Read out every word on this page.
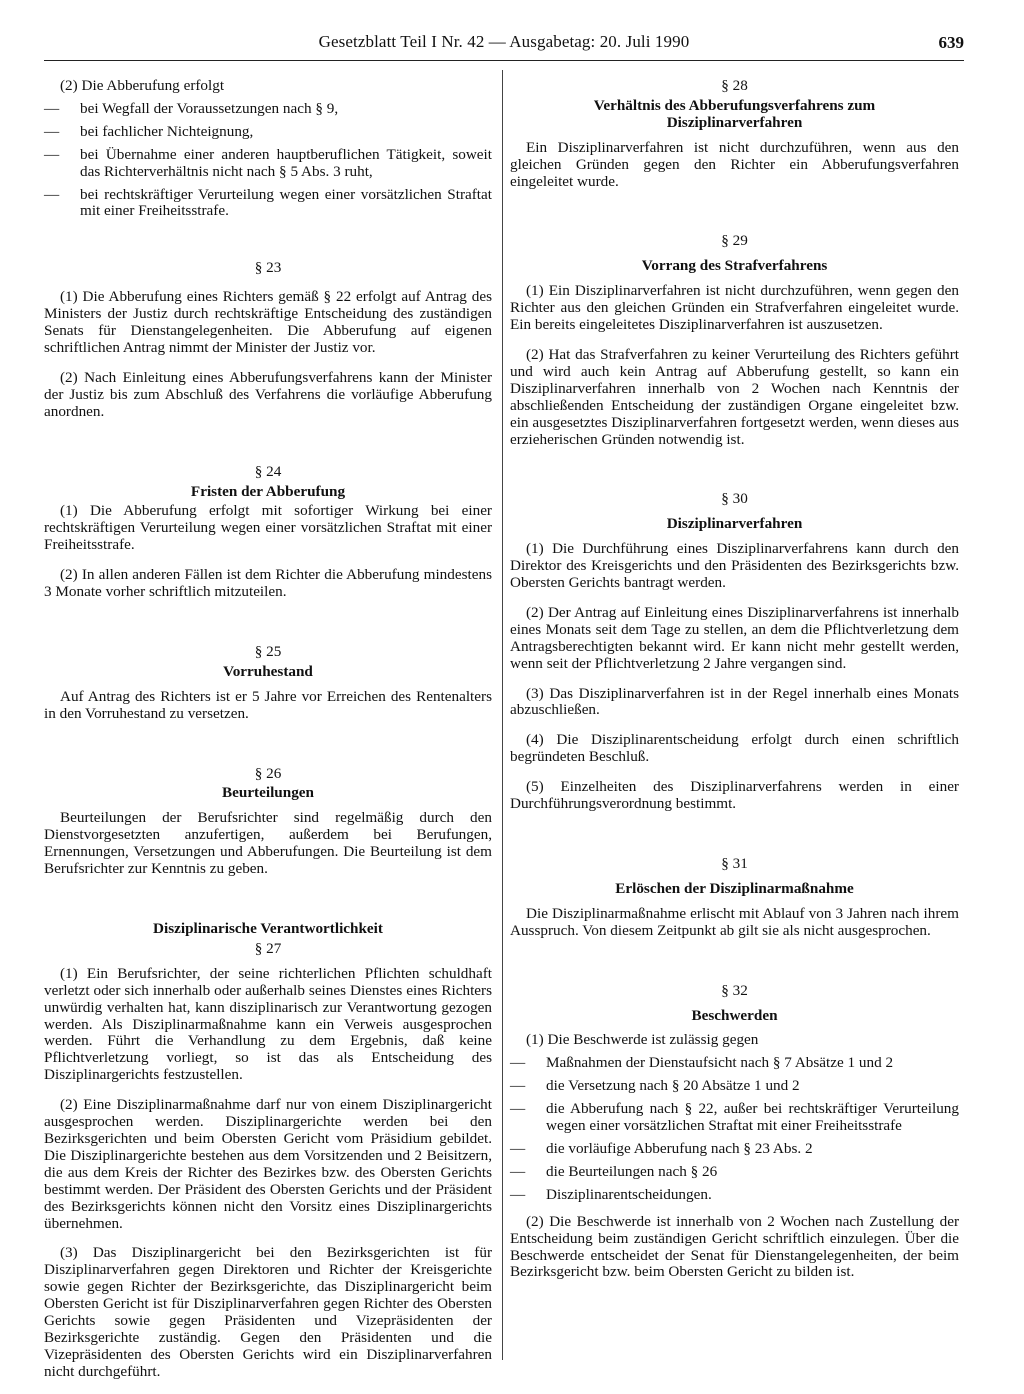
Gesetzblatt Teil I Nr. 42 — Ausgabetag: 20. Juli 1990	639

(2) Die Abberufung erfolgt

— bei Wegfall der Voraussetzungen nach § 9,
— bei fachlicher Nichteignung,
— bei Übernahme einer anderen hauptberuflichen Tätigkeit, soweit das Richterverhältnis nicht nach § 5 Abs. 3 ruht,
— bei rechtskräftiger Verurteilung wegen einer vorsätzlichen Straftat mit einer Freiheitsstrafe.
§ 23

(1) Die Abberufung eines Richters gemäß § 22 erfolgt auf Antrag des Ministers der Justiz durch rechtskräftige Entscheidung des zuständigen Senats für Dienstangelegenheiten. Die Abberufung auf eigenen schriftlichen Antrag nimmt der Minister der Justiz vor.

(2) Nach Einleitung eines Abberufungsverfahrens kann der Minister der Justiz bis zum Abschluß des Verfahrens die vorläufige Abberufung anordnen.

§ 24
Fristen der Abberufung

(1) Die Abberufung erfolgt mit sofortiger Wirkung bei einer rechtskräftigen Verurteilung wegen einer vorsätzlichen Straftat mit einer Freiheitsstrafe.

(2) In allen anderen Fällen ist dem Richter die Abberufung mindestens 3 Monate vorher schriftlich mitzuteilen.

§ 25
Vorruhestand

Auf Antrag des Richters ist er 5 Jahre vor Erreichen des Rentenalters in den Vorruhestand zu versetzen.

§ 26
Beurteilungen

Beurteilungen der Berufsrichter sind regelmäßig durch den Dienstvorgesetzten anzufertigen, außerdem bei Berufungen, Ernennungen, Versetzungen und Abberufungen. Die Beurteilung ist dem Berufsrichter zur Kenntnis zu geben.

Disziplinarische Verantwortlichkeit
§ 27

(1) Ein Berufsrichter, der seine richterlichen Pflichten schuldhaft verletzt oder sich innerhalb oder außerhalb seines Dienstes eines Richters unwürdig verhalten hat, kann disziplinarisch zur Verantwortung gezogen werden. Als Disziplinarmaßnahme kann ein Verweis ausgesprochen werden. Führt die Verhandlung zu dem Ergebnis, daß keine Pflichtverletzung vorliegt, so ist das als Entscheidung des Disziplinargerichts festzustellen.

(2) Eine Disziplinarmaßnahme darf nur von einem Disziplinargericht ausgesprochen werden. Disziplinargerichte werden bei den Bezirksgerichten und beim Obersten Gericht vom Präsidium gebildet. Die Disziplinargerichte bestehen aus dem Vorsitzenden und 2 Beisitzern, die aus dem Kreis der Richter des Bezirkes bzw. des Obersten Gerichts bestimmt werden. Der Präsident des Obersten Gerichts und der Präsident des Bezirksgerichts können nicht den Vorsitz eines Disziplinargerichts übernehmen.

(3) Das Disziplinargericht bei den Bezirksgerichten ist für Disziplinarverfahren gegen Direktoren und Richter der Kreisgerichte sowie gegen Richter der Bezirksgerichte, das Disziplinargericht beim Obersten Gericht ist für Disziplinarverfahren gegen Richter des Obersten Gerichts sowie gegen Präsidenten und Vizepräsidenten der Bezirksgerichte zuständig. Gegen den Präsidenten und die Vizepräsidenten des Obersten Gerichts wird ein Disziplinarverfahren nicht durchgeführt.

§ 28
Verhältnis des Abberufungsverfahrens zum Disziplinarverfahren

Ein Disziplinarverfahren ist nicht durchzuführen, wenn aus den gleichen Gründen gegen den Richter ein Abberufungsverfahren eingeleitet wurde.

§ 29
Vorrang des Strafverfahrens

(1) Ein Disziplinarverfahren ist nicht durchzuführen, wenn gegen den Richter aus den gleichen Gründen ein Strafverfahren eingeleitet wurde. Ein bereits eingeleitetes Disziplinarverfahren ist auszusetzen.

(2) Hat das Strafverfahren zu keiner Verurteilung des Richters geführt und wird auch kein Antrag auf Abberufung gestellt, so kann ein Disziplinarverfahren innerhalb von 2 Wochen nach Kenntnis der abschließenden Entscheidung der zuständigen Organe eingeleitet bzw. ein ausgesetztes Disziplinarverfahren fortgesetzt werden, wenn dieses aus erzieherischen Gründen notwendig ist.

§ 30
Disziplinarverfahren

(1) Die Durchführung eines Disziplinarverfahrens kann durch den Direktor des Kreisgerichts und den Präsidenten des Bezirksgerichts bzw. Obersten Gerichts bantragt werden.

(2) Der Antrag auf Einleitung eines Disziplinarverfahrens ist innerhalb eines Monats seit dem Tage zu stellen, an dem die Pflichtverletzung dem Antragsberechtigten bekannt wird. Er kann nicht mehr gestellt werden, wenn seit der Pflichtverletzung 2 Jahre vergangen sind.

(3) Das Disziplinarverfahren ist in der Regel innerhalb eines Monats abzuschließen.

(4) Die Disziplinarentscheidung erfolgt durch einen schriftlich begründeten Beschluß.

(5) Einzelheiten des Disziplinarverfahrens werden in einer Durchführungsverordnung bestimmt.

§ 31
Erlöschen der Disziplinarmaßnahme

Die Disziplinarmaßnahme erlischt mit Ablauf von 3 Jahren nach ihrem Ausspruch. Von diesem Zeitpunkt ab gilt sie als nicht ausgesprochen.

§ 32
Beschwerden

(1) Die Beschwerde ist zulässig gegen

— Maßnahmen der Dienstaufsicht nach § 7 Absätze 1 und 2
— die Versetzung nach § 20 Absätze 1 und 2
— die Abberufung nach § 22, außer bei rechtskräftiger Verurteilung wegen einer vorsätzlichen Straftat mit einer Freiheitsstrafe
— die vorläufige Abberufung nach § 23 Abs. 2
— die Beurteilungen nach § 26
— Disziplinarentscheidungen.

(2) Die Beschwerde ist innerhalb von 2 Wochen nach Zustellung der Entscheidung beim zuständigen Gericht schriftlich einzulegen. Über die Beschwerde entscheidet der Senat für Dienstangelegenheiten, der beim Bezirksgericht bzw. beim Obersten Gericht zu bilden ist.
